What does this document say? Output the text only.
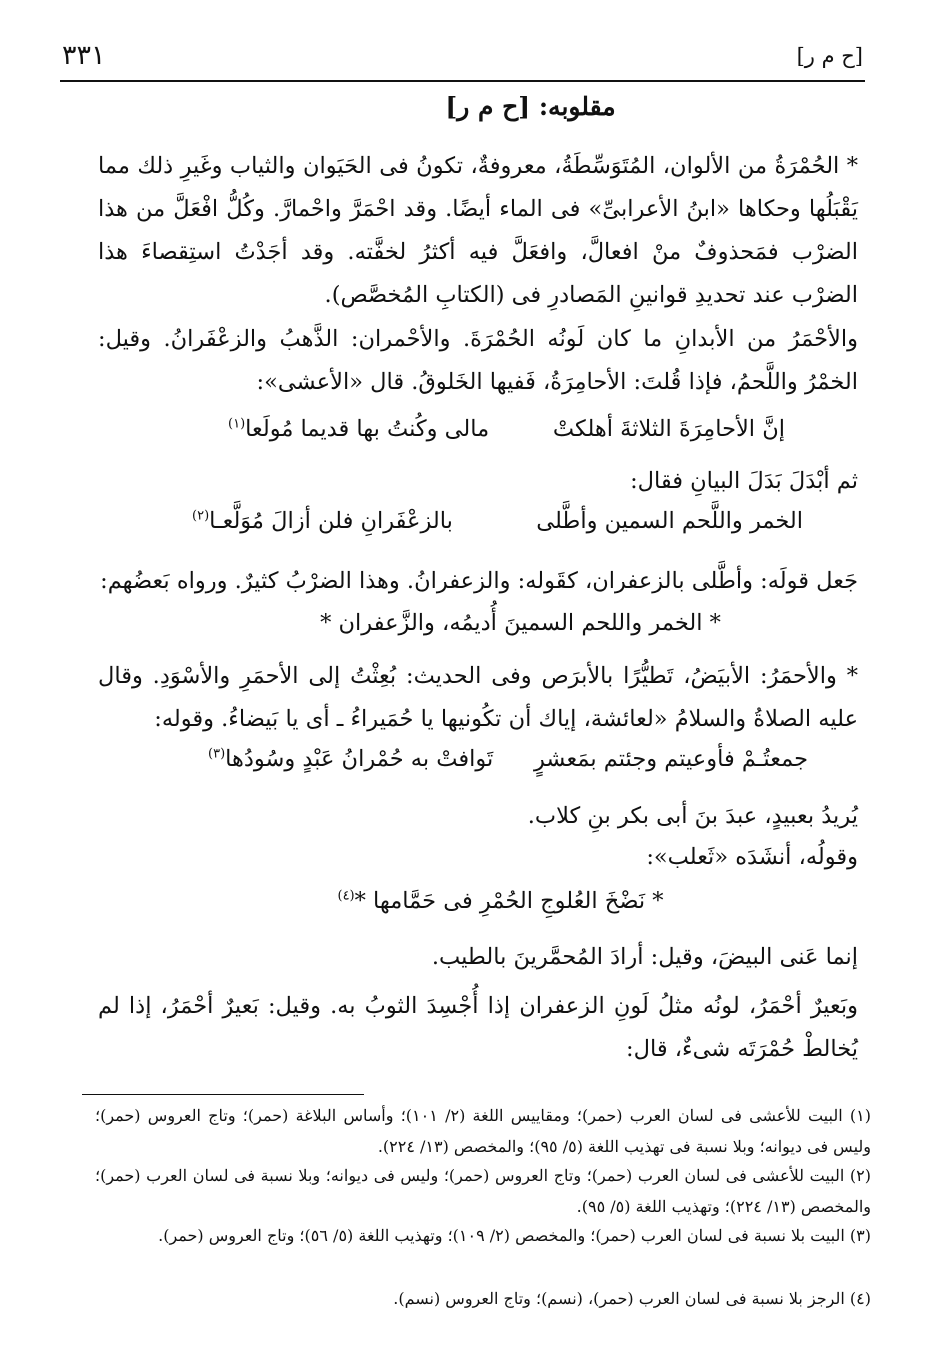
[ح م ر]
٣٣١
مقلوبه: [ح م ر]
* الحُمْرَةُ من الألوان، المُتَوَسِّطَةُ، معروفةٌ، تكونُ فى الحَيَوان والثياب وغَيرِ ذلك مما يَقْبَلُها وحكاها «ابنُ الأعرابىِّ» فى الماء أيضًا. وقد احْمَرَّ واحْمارَّ. وكُلُّ افْعَلَّ من هذا الضرْب فمَحذوفٌ منْ افعالَّ، وافعَلَّ فيه أكثرُ لخفَّته. وقد أجَدْتُ استِقصاءَ هذا الضرْب عند تحديدِ قوانينِ المَصادرِ فى (الكتابِ المُخصَّص).
والأحْمَرُ من الأبدانِ ما كان لَونُه الحُمْرَةَ. والأحْمران: الذَّهبُ والزعْفَرانُ. وقيل: الخمْرُ واللَّحمُ، فإذا قُلتَ: الأحامِرَةُ، فَفيها الخَلوقُ. قال «الأعشى»:
إنَّ الأحامِرَةَ الثلاثةَ أهلكتْ
مالى وكُنتُ بها قديما مُولَعا$^{(١)}$
ثم أبْدَلَ بَدَلَ البيانِ فقال:
الخمر واللَّحم السمين وأطَّلى
بالزعْفَرانِ فلن أزالَ مُوَلَّعـا$^{(٢)}$
جَعل قولَه: وأطَّلى بالزعفران، كقَوله: والزعفرانُ. وهذا الضرْبُ كثيرٌ. ورواه بَعضُهم:
* الخمر واللحم السمينَ أُديمُه، والزَّعفران *
* والأحمَرُ: الأبيَضُ، تَطيُّرًا بالأبرَص وفى الحديث: بُعِثْتُ إلى الأحمَرِ والأسْوَدِ. وقال عليه الصلاةُ والسلامُ «لعائشة، إياك أن تكُونيها يا حُمَيراءُ ـ أى يا بَيضاءُ. وقوله:
جمعتُـمْ فأوعيتم وجئتم بمَعشرٍ
تَوافتْ به حُمْرانُ عَبْدٍ وسُودُها$^{(٣)}$
يُريدُ بعبيدٍ، عبدَ بنَ أبى بكر بنِ كلاب.
وقولُه، أنشَدَه «ثَعلب»:
* نَضْخَ العُلوجِ الحُمْرِ فى حَمَّامها *$^{(٤)}$
إنما عَنى البيضَ، وقيل: أرادَ المُحمَّرينَ بالطيب.
وبَعيرٌ أحْمَرُ، لونُه مثلُ لَونِ الزعفران إذا أُجْسِدَ الثوبُ به. وقيل: بَعيرٌ أحْمَرُ، إذا لم يُخالطْ حُمْرَتَه شىءٌ، قال:
(١) البيت للأعشى فى لسان العرب (حمر)؛ ومقاييس اللغة (٢/ ١٠١)؛ وأساس البلاغة (حمر)؛ وتاج العروس (حمر)؛ وليس فى ديوانه؛ وبلا نسبة فى تهذيب اللغة (٥/ ٩٥)؛ والمخصص (١٣/ ٢٢٤).
(٢) البيت للأعشى فى لسان العرب (حمر)؛ وتاج العروس (حمر)؛ وليس فى ديوانه؛ وبلا نسبة فى لسان العرب (حمر)؛ والمخصص (١٣/ ٢٢٤)؛ وتهذيب اللغة (٥/ ٩٥).
(٣) البيت بلا نسبة فى لسان العرب (حمر)؛ والمخصص (٢/ ١٠٩)؛ وتهذيب اللغة (٥/ ٥٦)؛ وتاج العروس (حمر).
(٤) الرجز بلا نسبة فى لسان العرب (حمر)، (نسم)؛ وتاج العروس (نسم).
